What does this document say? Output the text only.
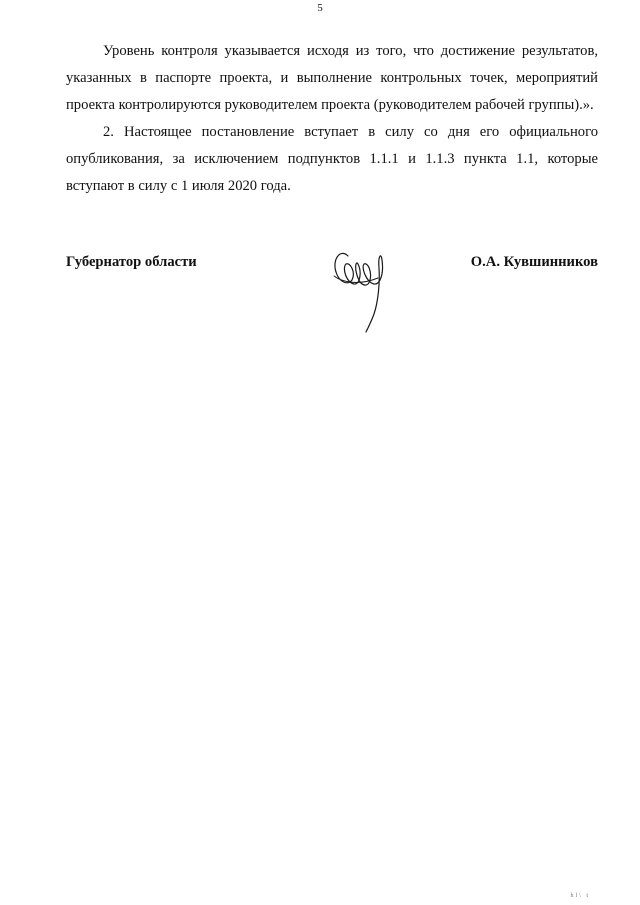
5

Уровень контроля указывается исходя из того, что достижение результатов, указанных в паспорте проекта, и выполнение контрольных точек, мероприятий проекта контролируются руководителем проекта (руководителем рабочей группы).».

2. Настоящее постановление вступает в силу со дня его официального опубликования, за исключением подпунктов 1.1.1 и 1.1.3 пункта 1.1, которые вступают в силу с 1 июля 2020 года.

Губернатор области	О.А. Кувшинников
hl\ t
